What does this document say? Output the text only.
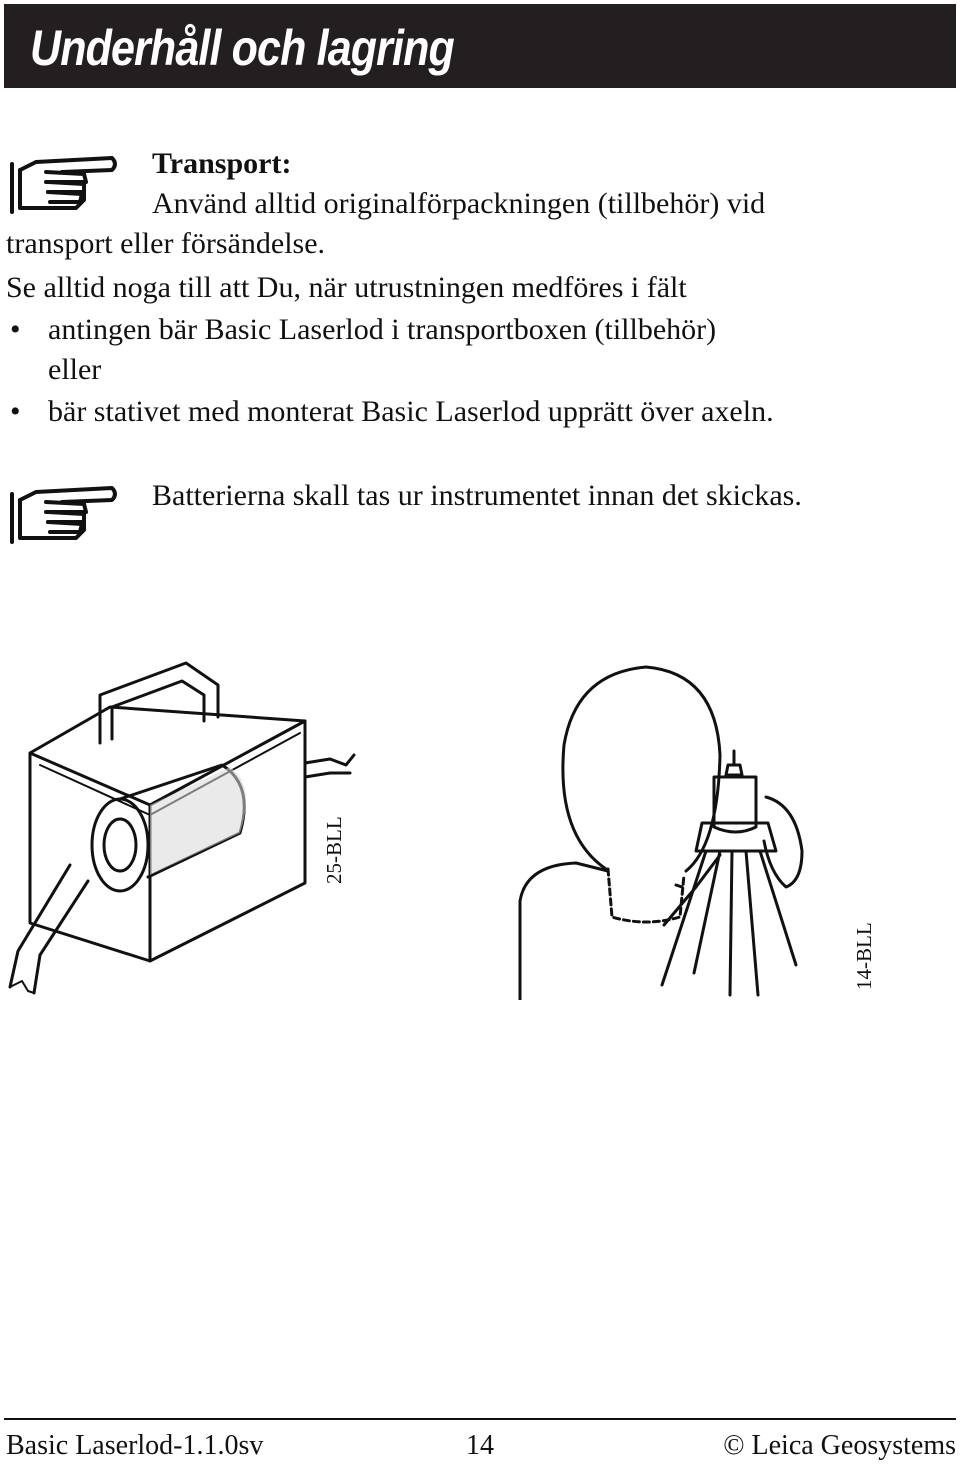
Underhåll och lagring
Transport:
Använd alltid originalförpackningen (tillbehör) vid
transport eller försändelse.
Se alltid noga till att Du, när utrustningen medföres i fält
• antingen bär Basic Laserlod i transportboxen (tillbehör)
eller
• bär stativet med monterat Basic Laserlod upprätt över axeln.
Batterierna skall tas ur instrumentet innan det skickas.
25-BLL
14-BLL
Basic Laserlod-1.1.0sv	14	© Leica Geosystems
